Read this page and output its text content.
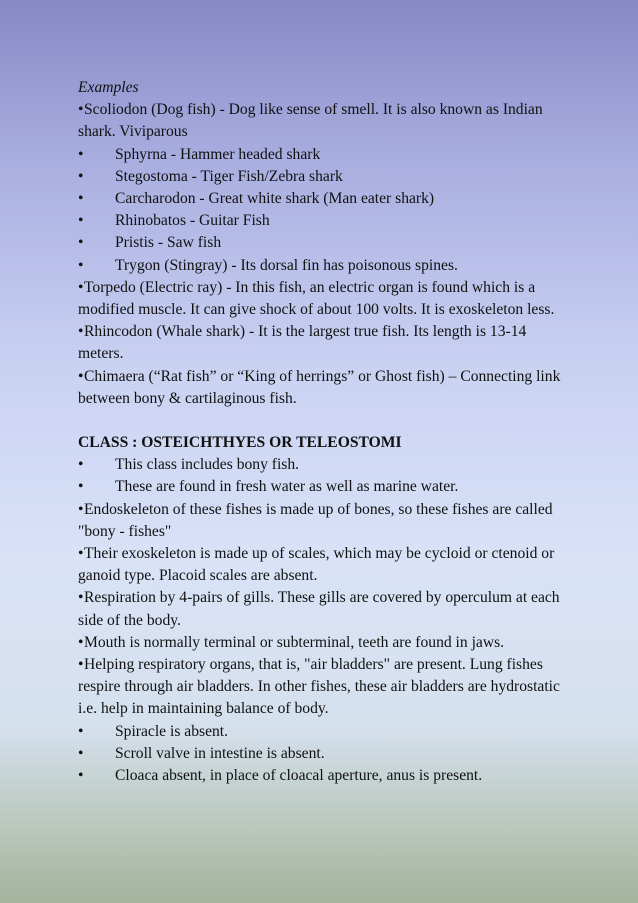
Examples

•Scoliodon (Dog fish) - Dog like sense of smell. It is also known as Indian shark. Viviparous

•	Sphyrna - Hammer headed shark
•	Stegostoma - Tiger Fish/Zebra shark
•	Carcharodon - Great white shark (Man eater shark)
•	Rhinobatos - Guitar Fish
•	Pristis - Saw fish
•	Trygon (Stingray) - Its dorsal fin has poisonous spines.

•Torpedo (Electric ray) - In this fish, an electric organ is found which is a modified muscle. It can give shock of about 100 volts. It is exoskeleton less.

•Rhincodon (Whale shark) - It is the largest true fish. Its length is 13-14 meters.

•Chimaera (“Rat fish” or “King of herrings” or Ghost fish) – Connecting link between bony & cartilaginous fish.

CLASS : OSTEICHTHYES OR TELEOSTOMI

•	This class includes bony fish.
•	These are found in fresh water as well as marine water.

•Endoskeleton of these fishes is made up of bones, so these fishes are called "bony - fishes"

•Their exoskeleton is made up of scales, which may be cycloid or ctenoid or ganoid type. Placoid scales are absent.

•Respiration by 4-pairs of gills. These gills are covered by operculum at each side of the body.

•Mouth is normally terminal or subterminal, teeth are found in jaws.

•Helping respiratory organs, that is, "air bladders" are present. Lung fishes respire through air bladders. In other fishes, these air bladders are hydrostatic i.e. help in maintaining balance of body.

•	Spiracle is absent.
•	Scroll valve in intestine is absent.
•	Cloaca absent, in place of cloacal aperture, anus is present.
